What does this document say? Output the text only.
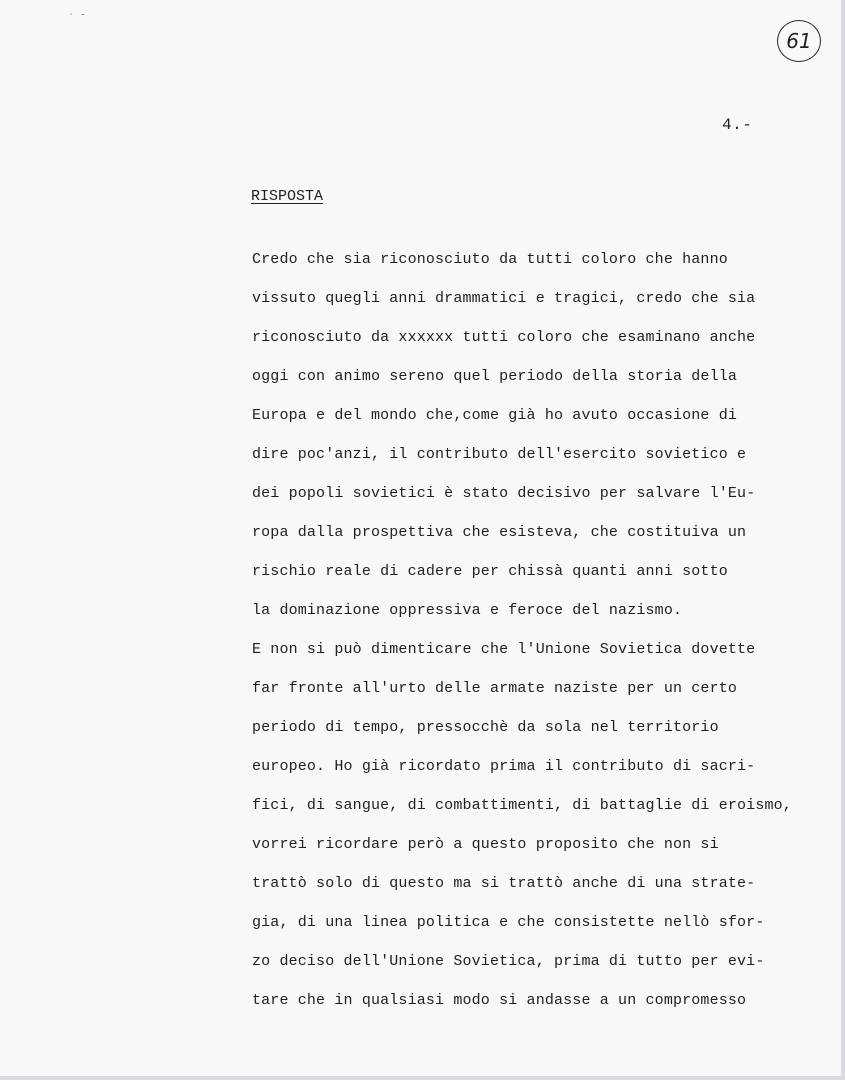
˙ ˉ
61
4.-
RISPOSTA
Credo che sia riconosciuto da tutti coloro che hanno
vissuto quegli anni drammatici e tragici, credo che sia
riconosciuto da xxxxxx tutti coloro che esaminano anche
oggi con animo sereno quel periodo della storia della
Europa e del mondo che,come già ho avuto occasione di
dire poc'anzi, il contributo dell'esercito sovietico e
dei popoli sovietici è stato decisivo per salvare l'Eu-
ropa dalla prospettiva che esisteva, che costituiva un
rischio reale di cadere per chissà quanti anni sotto
la dominazione oppressiva e feroce del nazismo.
E non si può dimenticare che l'Unione Sovietica dovette
far fronte all'urto delle armate naziste per un certo
periodo di tempo, pressocchè da sola nel territorio
europeo. Ho già ricordato prima il contributo di sacri-
fici, di sangue, di combattimenti, di battaglie di eroismo,
vorrei ricordare però a questo proposito che non si
trattò solo di questo ma si trattò anche di una strate-
gia, di una linea politica e che consistette nellò sfor-
zo deciso dell'Unione Sovietica, prima di tutto per evi-
tare che in qualsiasi modo si andasse a un compromesso
